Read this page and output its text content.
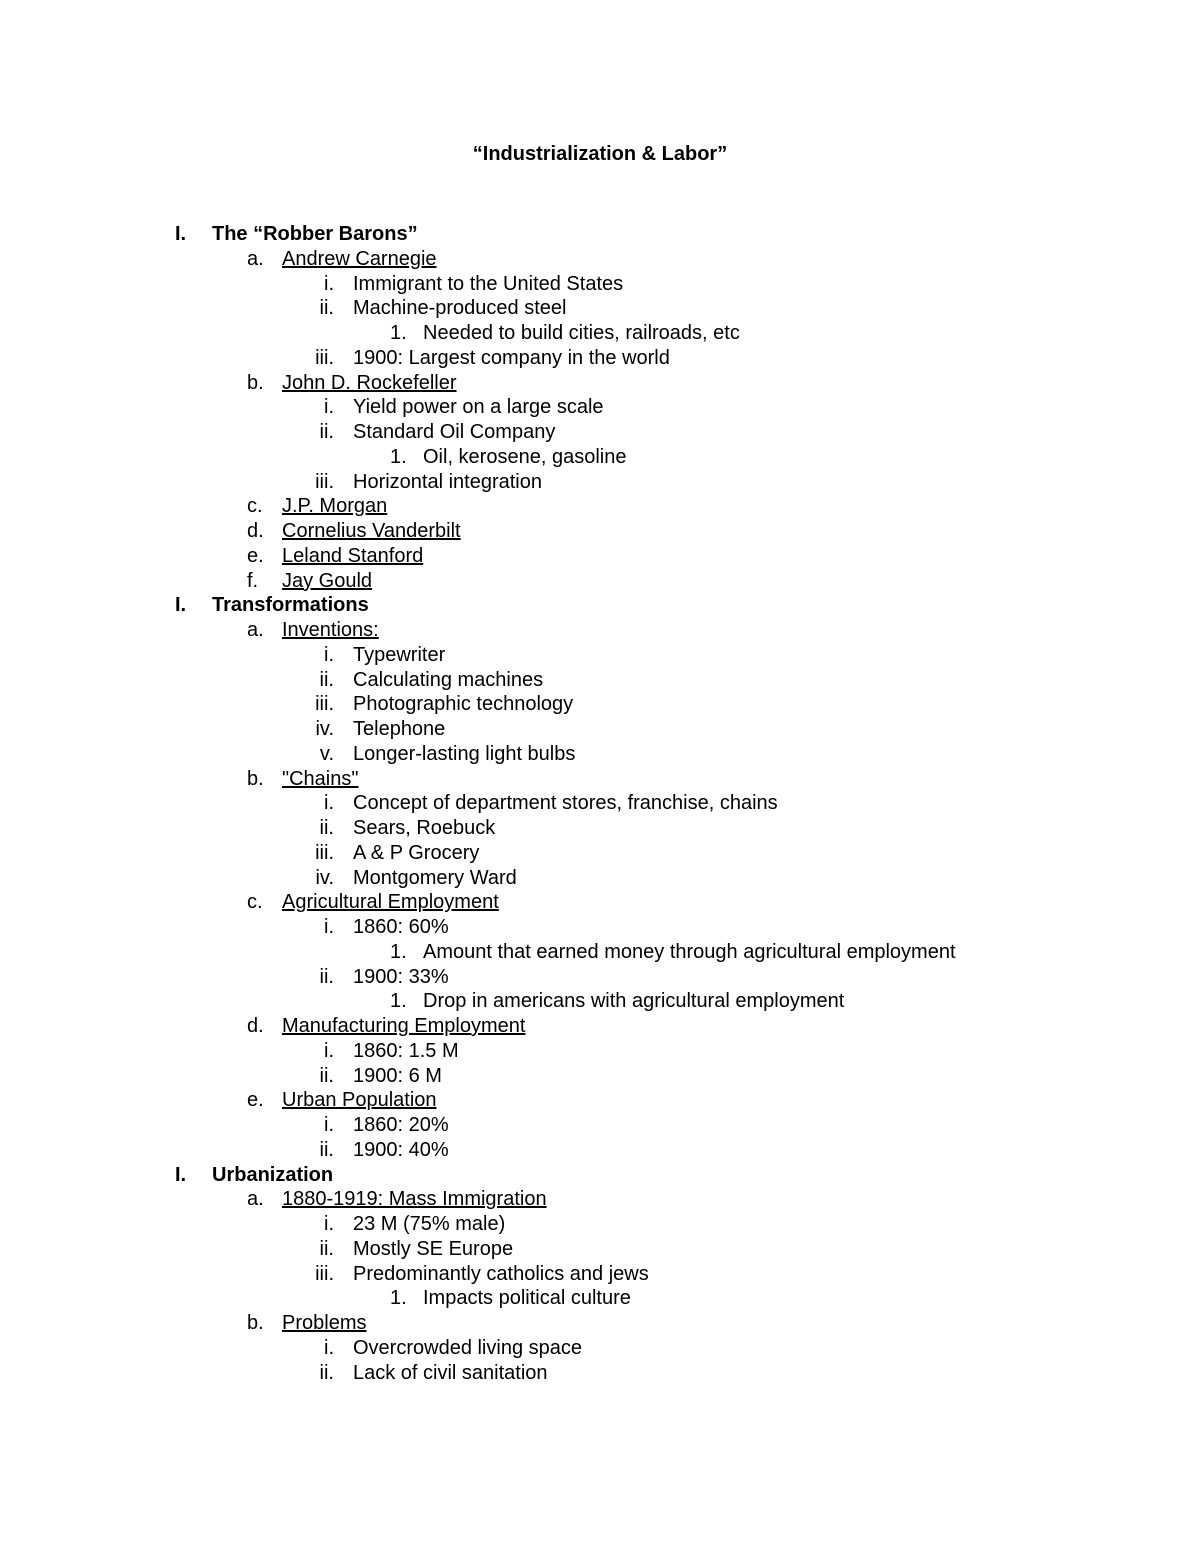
“Industrialization & Labor”
I. The “Robber Barons”
a. Andrew Carnegie
i. Immigrant to the United States
ii. Machine-produced steel
1. Needed to build cities, railroads, etc
iii. 1900: Largest company in the world
b. John D. Rockefeller
i. Yield power on a large scale
ii. Standard Oil Company
1. Oil, kerosene, gasoline
iii. Horizontal integration
c. J.P. Morgan
d. Cornelius Vanderbilt
e. Leland Stanford
f. Jay Gould
I. Transformations
a. Inventions:
i. Typewriter
ii. Calculating machines
iii. Photographic technology
iv. Telephone
v. Longer-lasting light bulbs
b. "Chains"
i. Concept of department stores, franchise, chains
ii. Sears, Roebuck
iii. A & P Grocery
iv. Montgomery Ward
c. Agricultural Employment
i. 1860: 60%
1. Amount that earned money through agricultural employment
ii. 1900: 33%
1. Drop in americans with agricultural employment
d. Manufacturing Employment
i. 1860: 1.5 M
ii. 1900: 6 M
e. Urban Population
i. 1860: 20%
ii. 1900: 40%
I. Urbanization
a. 1880-1919: Mass Immigration
i. 23 M (75% male)
ii. Mostly SE Europe
iii. Predominantly catholics and jews
1. Impacts political culture
b. Problems
i. Overcrowded living space
ii. Lack of civil sanitation
